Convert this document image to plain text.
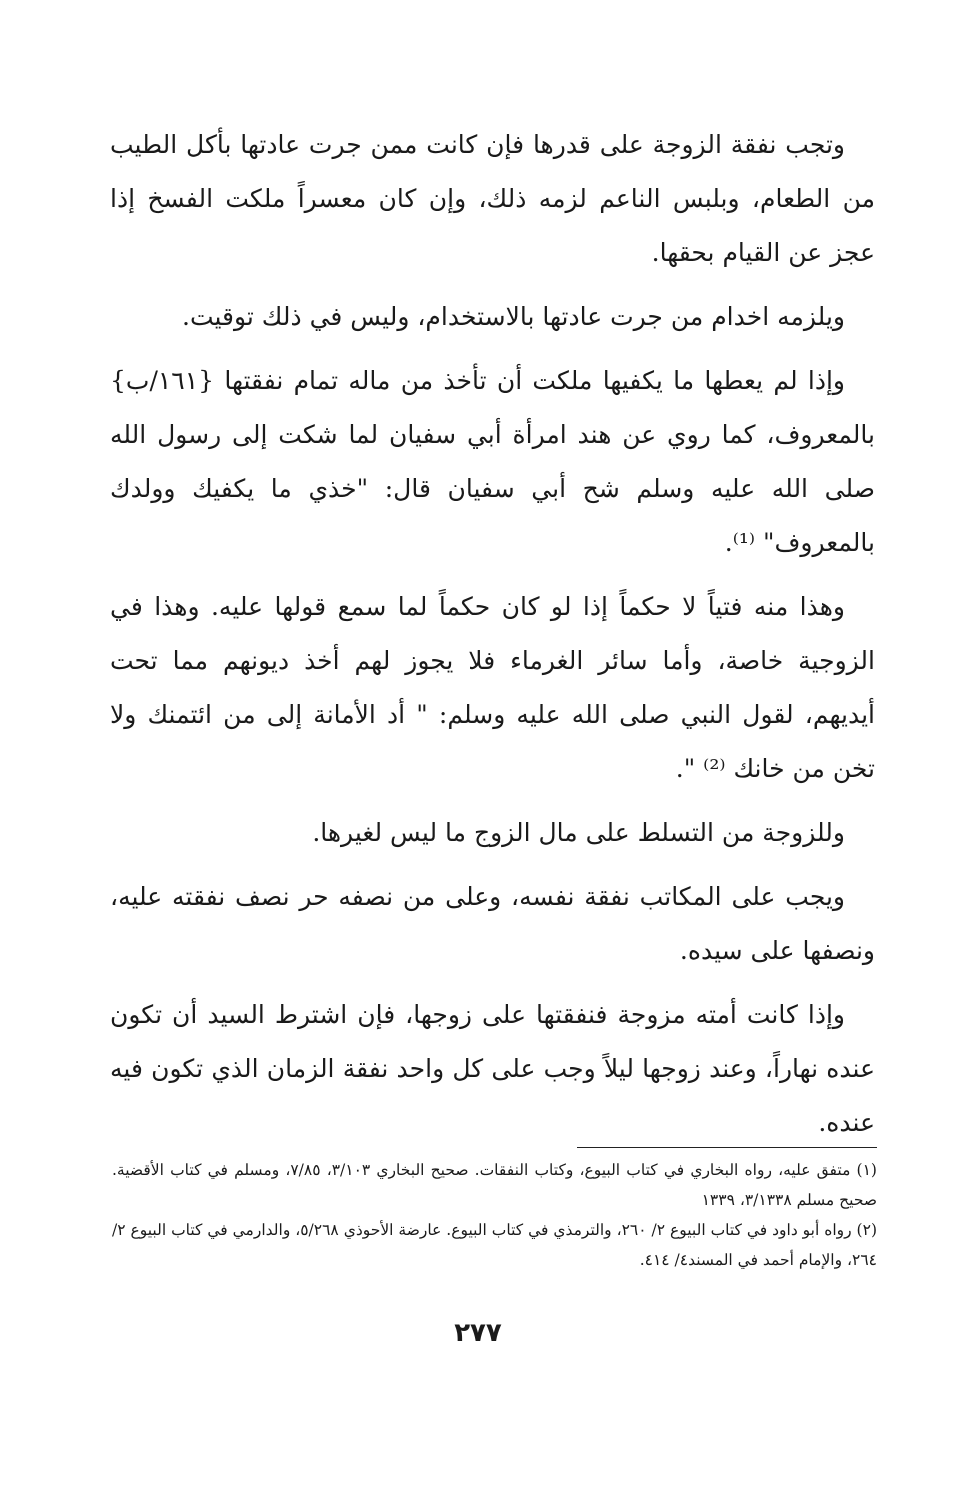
وتجب نفقة الزوجة على قدرها فإن كانت ممن جرت عادتها بأكل الطيب من الطعام، وبلبس الناعم لزمه ذلك، وإن كان معسراً ملكت الفسخ إذا عجز عن القيام بحقها.

ويلزمه اخدام من جرت عادتها بالاستخدام، وليس في ذلك توقيت.

وإذا لم يعطها ما يكفيها ملكت أن تأخذ من ماله تمام نفقتها {١٦١/ب} بالمعروف، كما روي عن هند امرأة أبي سفيان لما شكت إلى رسول الله صلى الله عليه وسلم شح أبي سفيان قال: "خذي ما يكفيك وولدك بالمعروف" ⁽¹⁾.

وهذا منه فتياً لا حكماً إذا لو كان حكماً لما سمع قولها عليه. وهذا في الزوجية خاصة، وأما سائر الغرماء فلا يجوز لهم أخذ ديونهم مما تحت أيديهم، لقول النبي صلى الله عليه وسلم: " أد الأمانة إلى من ائتمنك ولا تخن من خانك ⁽²⁾ ".

وللزوجة من التسلط على مال الزوج ما ليس لغيرها.

ويجب على المكاتب نفقة نفسه، وعلى من نصفه حر نصف نفقته عليه، ونصفها على سيده.

وإذا كانت أمته مزوجة فنفقتها على زوجها، فإن اشترط السيد أن تكون عنده نهاراً، وعند زوجها ليلاً وجب على كل واحد نفقة الزمان الذي تكون فيه عنده.

(١) متفق عليه، رواه البخاري في كتاب البيوع، وكتاب النفقات. صحيح البخاري ٣/١٠٣، ٧/٨٥، ومسلم في كتاب الأقضية. صحيح مسلم ٣/١٣٣٨، ١٣٣٩

(٢) رواه أبو داود في كتاب البيوع ٢/ ٢٦٠، والترمذي في كتاب البيوع. عارضة الأحوذي ٥/٢٦٨، والدارمي في كتاب البيوع ٢/ ٢٦٤، والإمام أحمد في المسند٤/ ٤١٤.

٢٧٧
